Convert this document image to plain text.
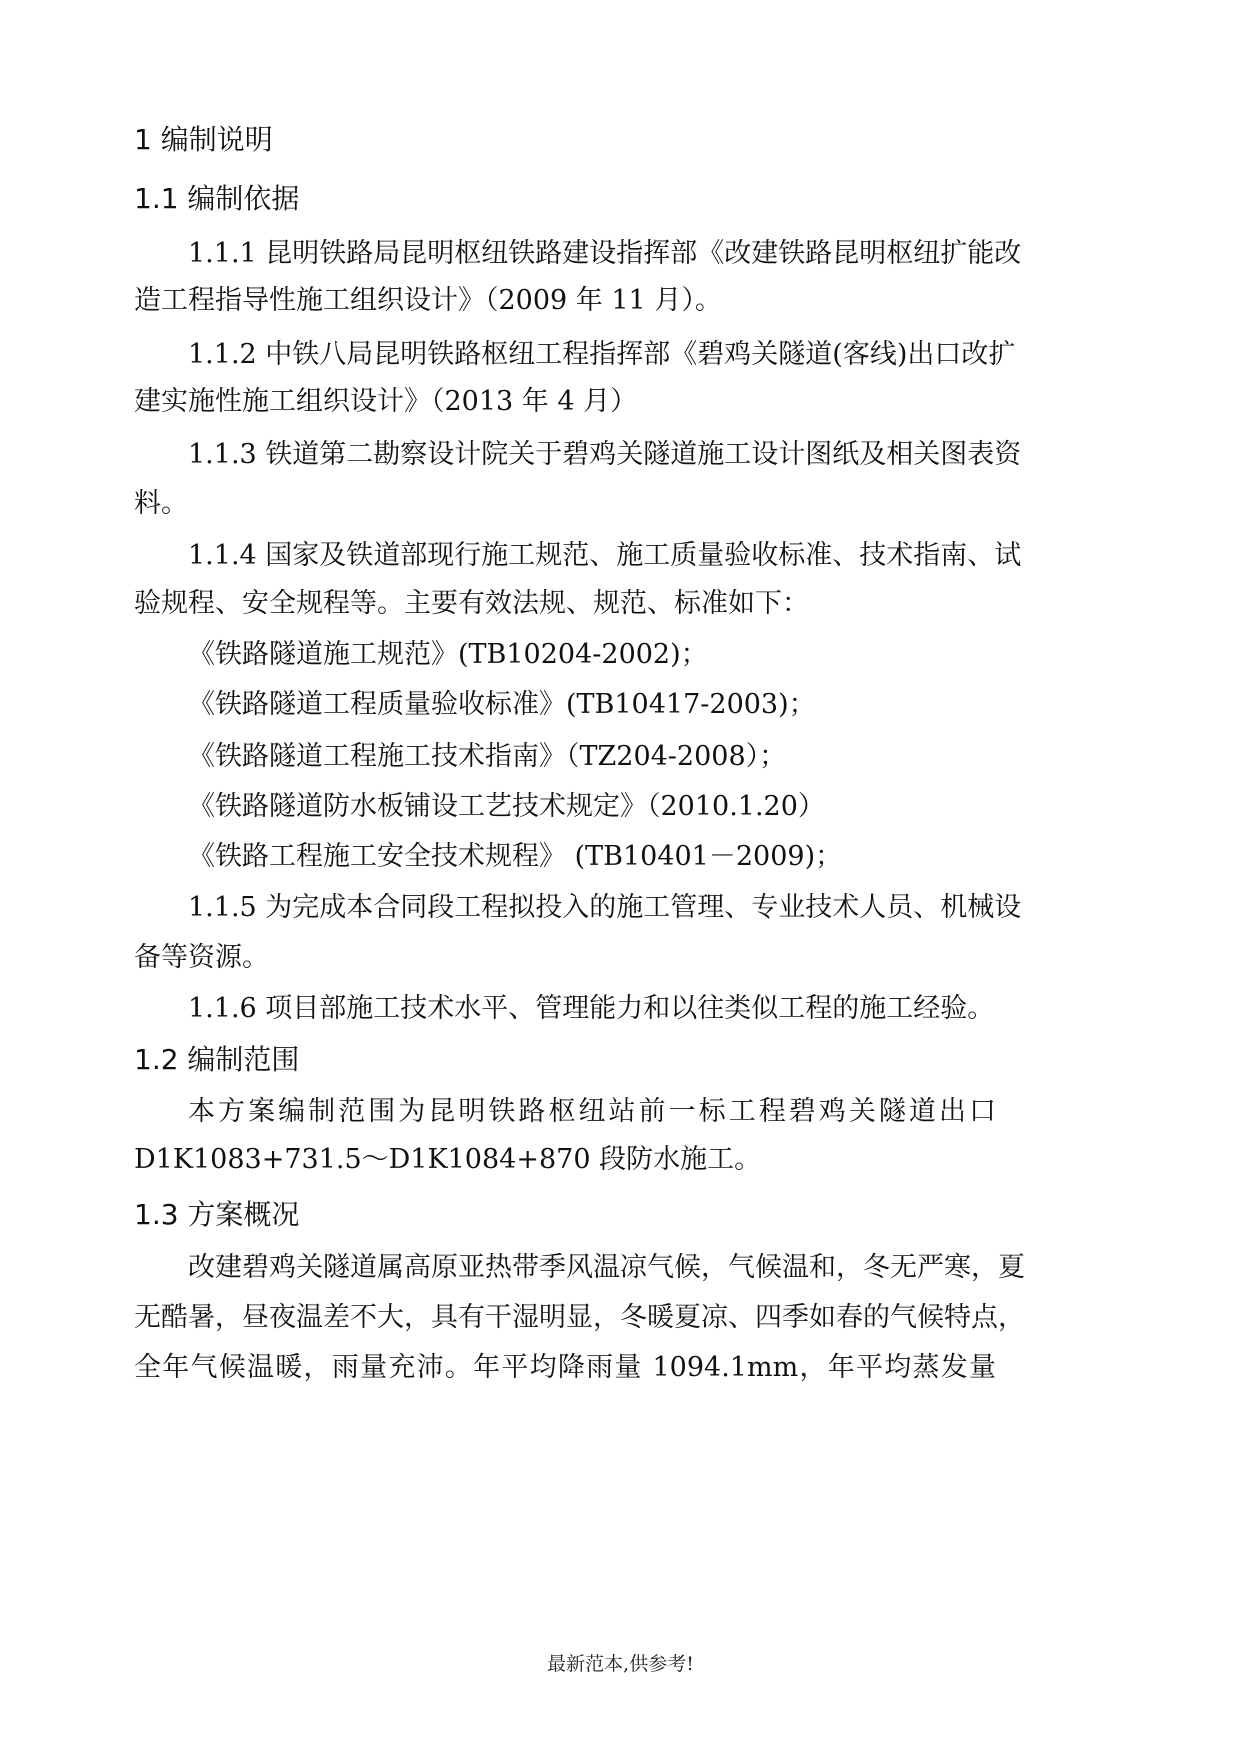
1 编制说明
1.1 编制依据
1.1.1 昆明铁路局昆明枢纽铁路建设指挥部《改建铁路昆明枢纽扩能改
造工程指导性施工组织设计》（2009 年 11 月）。
1.1.2 中铁八局昆明铁路枢纽工程指挥部《碧鸡关隧道(客线)出口改扩
建实施性施工组织设计》（2013 年 4 月）
1.1.3 铁道第二勘察设计院关于碧鸡关隧道施工设计图纸及相关图表资
料。
1.1.4 国家及铁道部现行施工规范、施工质量验收标准、技术指南、试
验规程、安全规程等。主要有效法规、规范、标准如下：
《铁路隧道施工规范》(TB10204-2002)；
《铁路隧道工程质量验收标准》(TB10417-2003)；
《铁路隧道工程施工技术指南》（TZ204-2008）；
《铁路隧道防水板铺设工艺技术规定》（2010.1.20）
《铁路工程施工安全技术规程》 (TB10401－2009)；
1.1.5 为完成本合同段工程拟投入的施工管理、专业技术人员、机械设
备等资源。
1.1.6 项目部施工技术水平、管理能力和以往类似工程的施工经验。
1.2 编制范围
本方案编制范围为昆明铁路枢纽站前一标工程碧鸡关隧道出口
D1K1083+731.5～D1K1084+870 段防水施工。
1.3 方案概况
改建碧鸡关隧道属高原亚热带季风温凉气候，气候温和，冬无严寒，夏
无酷暑，昼夜温差不大，具有干湿明显，冬暖夏凉、四季如春的气候特点，
全年气候温暖，雨量充沛。年平均降雨量 1094.1mm，年平均蒸发量
最新范本,供参考!
